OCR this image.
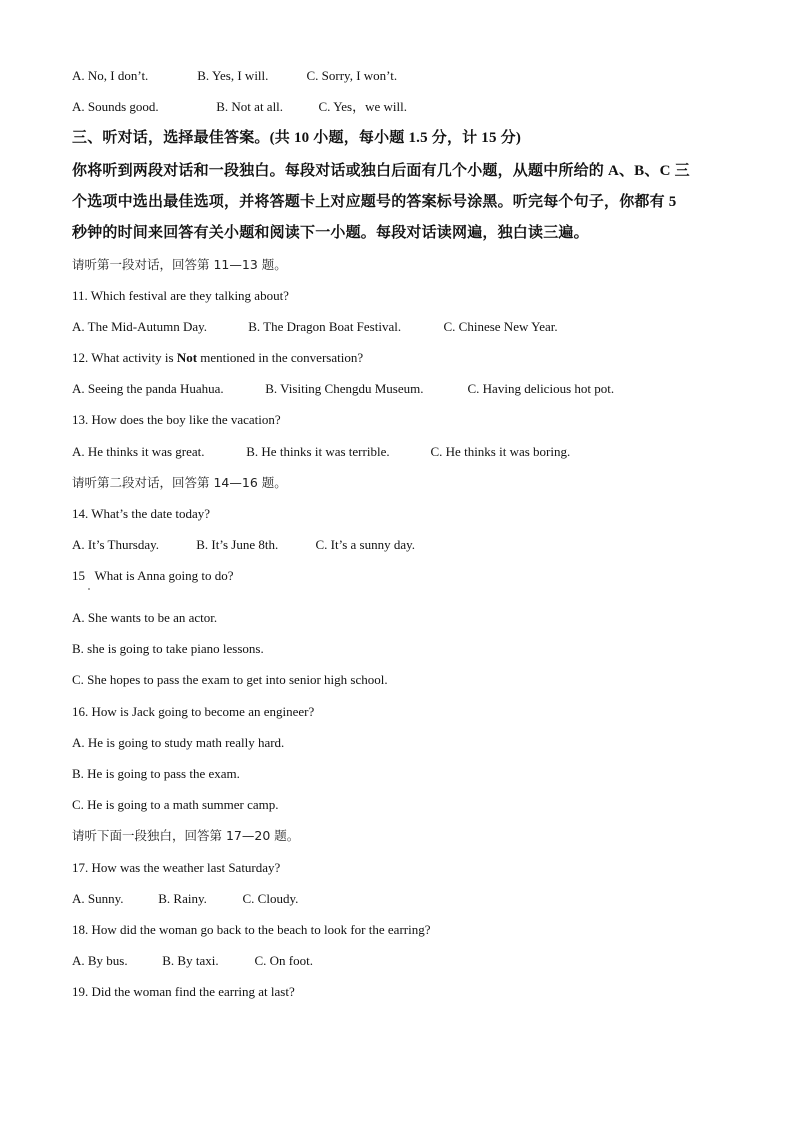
A. No, I don’t.	B. Yes, I will.	C. Sorry, I won’t.
A. Sounds good.	B. Not at all.	C. Yes，we will.
三、听对话，选择最佳答案。(共 10 小题，每小题 1.5 分，计 15 分)
你将听到两段对话和一段独白。每段对话或独白后面有几个小题，从题中所给的 A、B、C 三
个选项中选出最佳选项，并将答题卡上对应题号的答案标号涂黑。听完每个句子，你都有 5
秒钟的时间来回答有关小题和阅读下一小题。每段对话读网遍，独白读三遍。
请听第一段对话，回答第 11—13 题。
11. Which festival are they talking about?
A. The Mid-Autumn Day.	B. The Dragon Boat Festival.	C. Chinese New Year.
12. What activity is Not mentioned in the conversation?
A. Seeing the panda Huahua.	B. Visiting Chengdu Museum.	C. Having delicious hot pot.
13. How does the boy like the vacation?
A. He thinks it was great.	B. He thinks it was terrible.	C. He thinks it was boring.
请听第二段对话，回答第 14—16 题。
14. What’s the date today?
A. It’s Thursday.	B. It’s June 8th.	C. It’s a sunny day.
15   What is Anna going to do?
A. She wants to be an actor.
B. she is going to take piano lessons.
C. She hopes to pass the exam to get into senior high school.
16. How is Jack going to become an engineer?
A. He is going to study math really hard.
B. He is going to pass the exam.
C. He is going to a math summer camp.
请听下面一段独白，回答第 17—20 题。
17. How was the weather last Saturday?
A. Sunny.	B. Rainy.	C. Cloudy.
18. How did the woman go back to the beach to look for the earring?
A. By bus.	B. By taxi.	C. On foot.
19. Did the woman find the earring at last?
